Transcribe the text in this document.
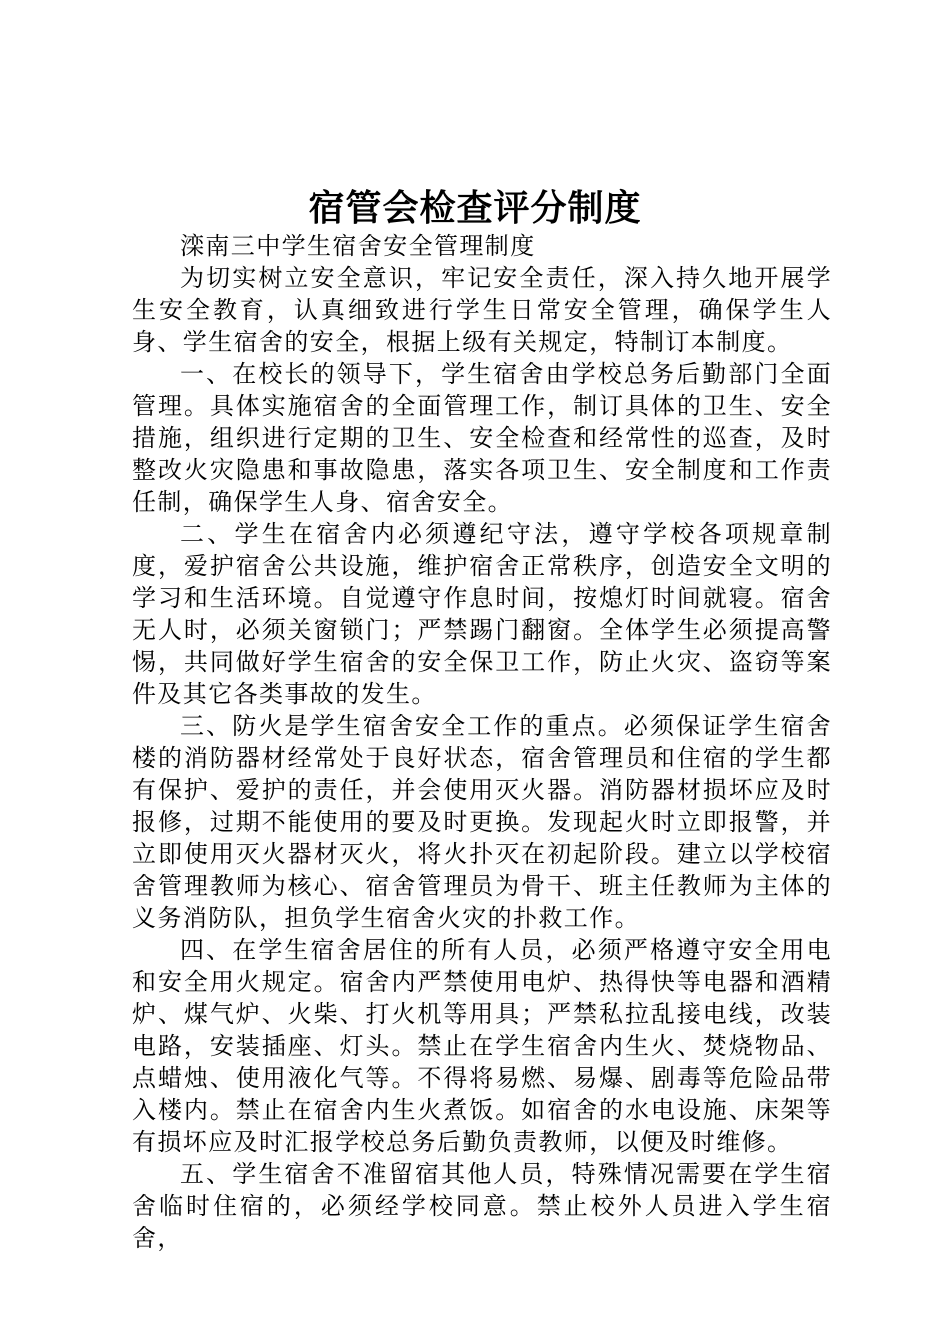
宿管会检查评分制度

滦南三中学生宿舍安全管理制度

为切实树立安全意识，牢记安全责任，深入持久地开展学生安全教育，认真细致进行学生日常安全管理，确保学生人身、学生宿舍的安全，根据上级有关规定，特制订本制度。

一、在校长的领导下，学生宿舍由学校总务后勤部门全面管理。具体实施宿舍的全面管理工作，制订具体的卫生、安全措施，组织进行定期的卫生、安全检查和经常性的巡查，及时整改火灾隐患和事故隐患，落实各项卫生、安全制度和工作责任制，确保学生人身、宿舍安全。

二、学生在宿舍内必须遵纪守法，遵守学校各项规章制度，爱护宿舍公共设施，维护宿舍正常秩序，创造安全文明的学习和生活环境。自觉遵守作息时间，按熄灯时间就寝。宿舍无人时，必须关窗锁门；严禁踢门翻窗。全体学生必须提高警惕，共同做好学生宿舍的安全保卫工作，防止火灾、盗窃等案件及其它各类事故的发生。

三、防火是学生宿舍安全工作的重点。必须保证学生宿舍楼的消防器材经常处于良好状态，宿舍管理员和住宿的学生都有保护、爱护的责任，并会使用灭火器。消防器材损坏应及时报修，过期不能使用的要及时更换。发现起火时立即报警，并立即使用灭火器材灭火，将火扑灭在初起阶段。建立以学校宿舍管理教师为核心、宿舍管理员为骨干、班主任教师为主体的义务消防队，担负学生宿舍火灾的扑救工作。

四、在学生宿舍居住的所有人员，必须严格遵守安全用电和安全用火规定。宿舍内严禁使用电炉、热得快等电器和酒精炉、煤气炉、火柴、打火机等用具；严禁私拉乱接电线，改装电路，安装插座、灯头。禁止在学生宿舍内生火、焚烧物品、点蜡烛、使用液化气等。不得将易燃、易爆、剧毒等危险品带入楼内。禁止在宿舍内生火煮饭。如宿舍的水电设施、床架等有损坏应及时汇报学校总务后勤负责教师，以便及时维修。

五、学生宿舍不准留宿其他人员，特殊情况需要在学生宿舍临时住宿的，必须经学校同意。禁止校外人员进入学生宿舍，
